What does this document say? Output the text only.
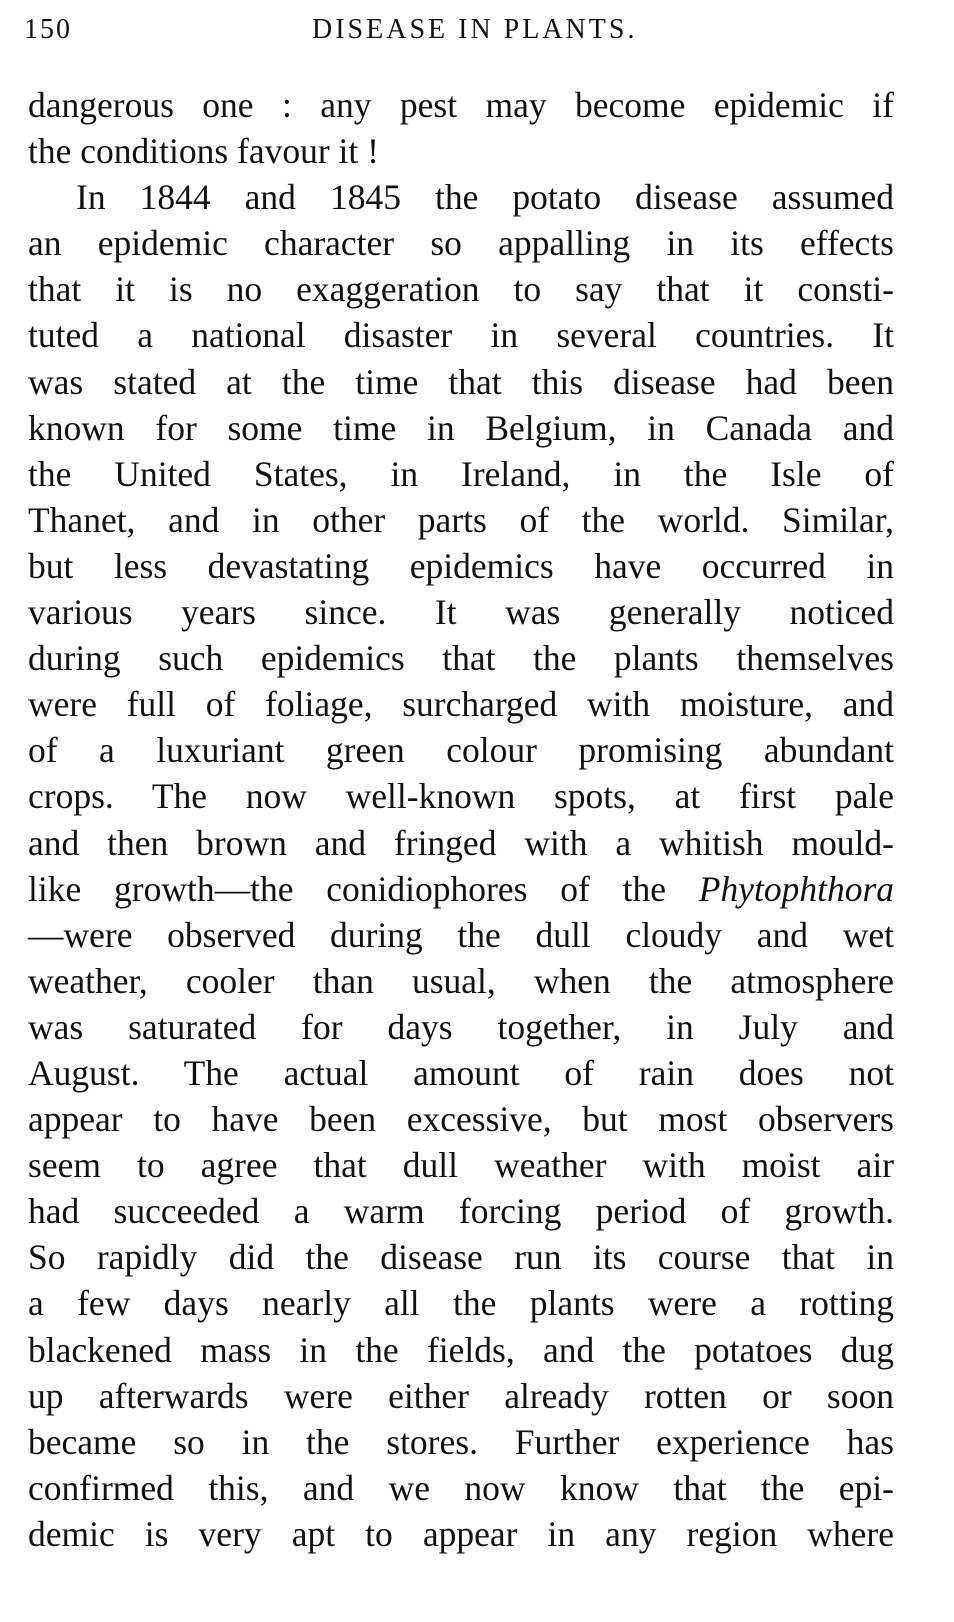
150	DISEASE IN PLANTS.
dangerous one : any pest may become epidemic if
the conditions favour it !
In 1844 and 1845 the potato disease assumed
an epidemic character so appalling in its effects
that it is no exaggeration to say that it consti-
tuted a national disaster in several countries. It
was stated at the time that this disease had been
known for some time in Belgium, in Canada and
the United States, in Ireland, in the Isle of
Thanet, and in other parts of the world. Similar,
but less devastating epidemics have occurred in
various years since. It was generally noticed
during such epidemics that the plants themselves
were full of foliage, surcharged with moisture, and
of a luxuriant green colour promising abundant
crops. The now well-known spots, at first pale
and then brown and fringed with a whitish mould-
like growth—the conidiophores of the Phytophthora
—were observed during the dull cloudy and wet
weather, cooler than usual, when the atmosphere
was saturated for days together, in July and
August. The actual amount of rain does not
appear to have been excessive, but most observers
seem to agree that dull weather with moist air
had succeeded a warm forcing period of growth.
So rapidly did the disease run its course that in
a few days nearly all the plants were a rotting
blackened mass in the fields, and the potatoes dug
up afterwards were either already rotten or soon
became so in the stores. Further experience has
confirmed this, and we now know that the epi-
demic is very apt to appear in any region where
